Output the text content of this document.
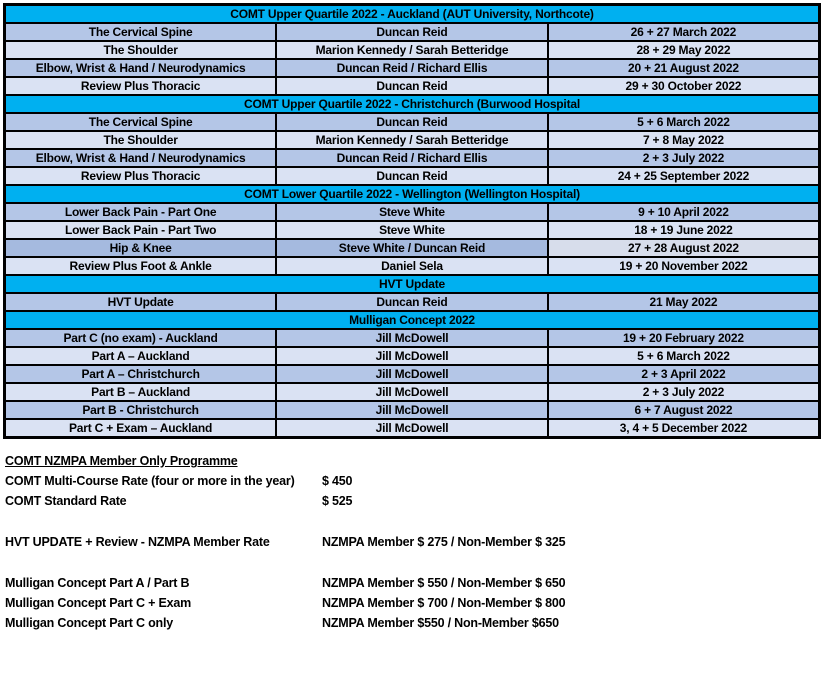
COMT Upper Quartile 2022 - Auckland (AUT University, Northcote)		
The Cervical Spine	Duncan Reid	26 + 27 March 2022
The Shoulder	Marion Kennedy / Sarah Betteridge	28 + 29 May 2022
Elbow, Wrist & Hand / Neurodynamics	Duncan Reid / Richard Ellis	20 + 21 August 2022
Review Plus Thoracic	Duncan Reid	29 + 30 October 2022
COMT Upper Quartile 2022 - Christchurch (Burwood Hospital		
The Cervical Spine	Duncan Reid	5 + 6 March 2022
The Shoulder	Marion Kennedy / Sarah Betteridge	7 + 8 May 2022
Elbow, Wrist & Hand / Neurodynamics	Duncan Reid / Richard Ellis	2 + 3 July 2022
Review Plus Thoracic	Duncan Reid	24 + 25 September 2022
COMT Lower Quartile 2022 - Wellington (Wellington Hospital)		
Lower Back Pain - Part One	Steve White	9 + 10 April 2022
Lower Back Pain - Part Two	Steve White	18 + 19 June 2022
Hip & Knee	Steve White / Duncan Reid	27 + 28 August 2022
Review Plus Foot & Ankle	Daniel Sela	19 + 20 November 2022
HVT Update		
HVT Update	Duncan Reid	21 May 2022
Mulligan Concept 2022		
Part C (no exam) - Auckland	Jill McDowell	19 + 20 February 2022
Part A – Auckland	Jill McDowell	5 + 6 March 2022
Part A – Christchurch	Jill McDowell	2 + 3 April 2022
Part B – Auckland	Jill McDowell	2 + 3 July 2022
Part B - Christchurch	Jill McDowell	6 + 7 August 2022
Part C + Exam – Auckland	Jill McDowell	3, 4 + 5 December 2022
COMT NZMPA Member Only Programme
COMT Multi-Course Rate (four or more in the year)	$ 450
COMT Standard Rate	$ 525
HVT UPDATE + Review - NZMPA Member Rate	NZMPA Member $ 275 / Non-Member $ 325
Mulligan Concept Part A / Part B	NZMPA Member $ 550 / Non-Member $ 650
Mulligan Concept Part C + Exam	NZMPA Member $ 700 / Non-Member $ 800
Mulligan Concept Part C only	NZMPA Member $550 / Non-Member $650
